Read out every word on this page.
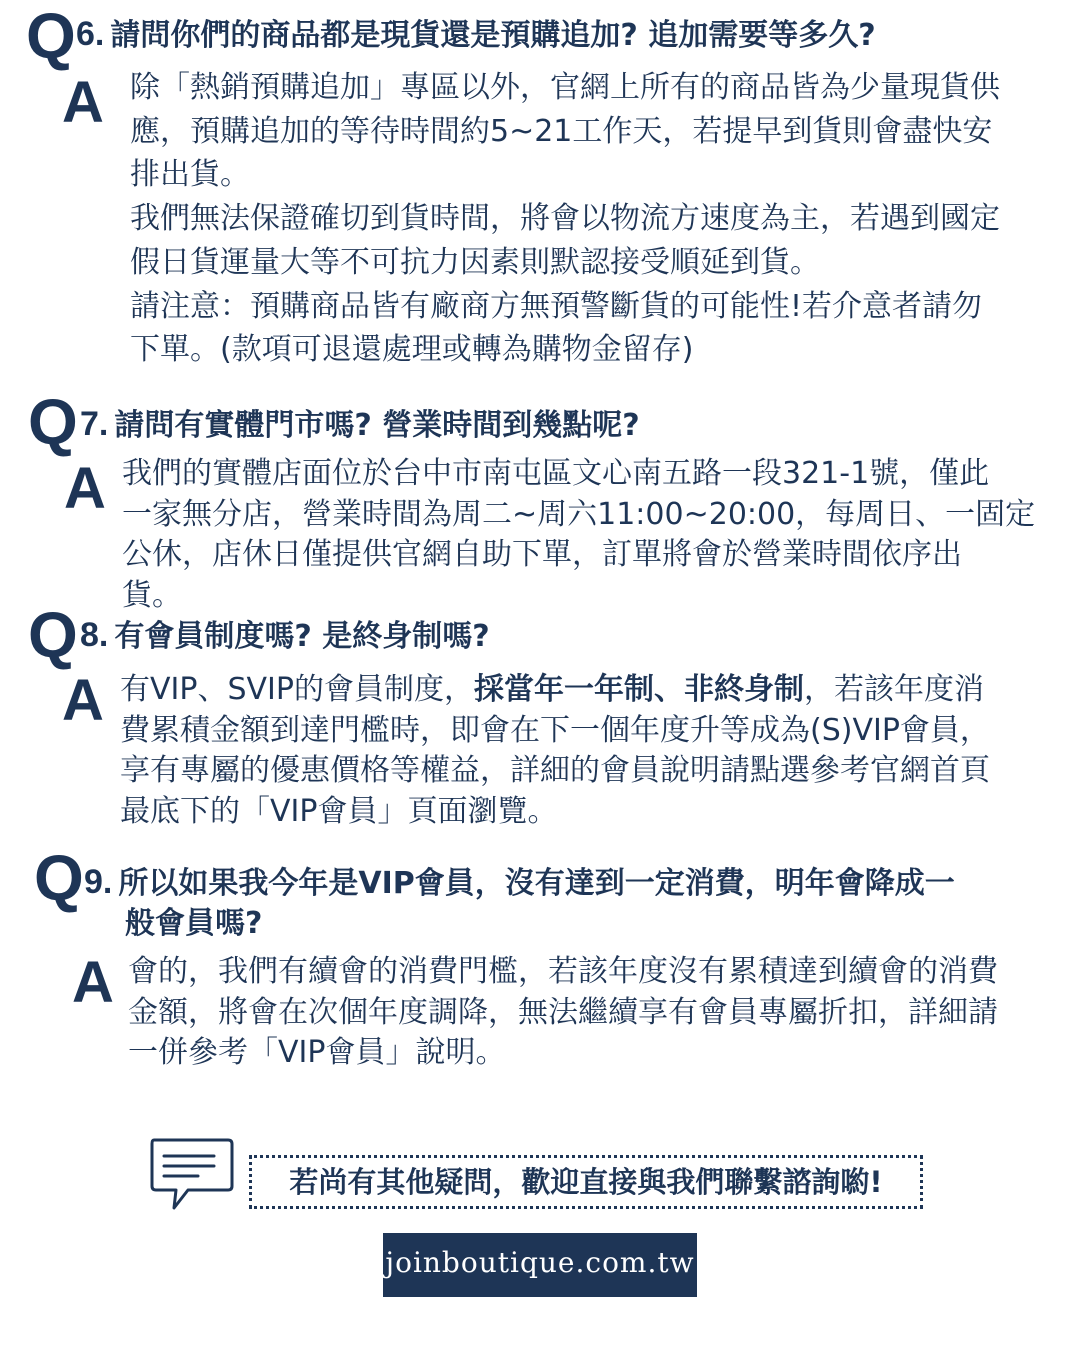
Q 6. 請問你們的商品都是現貨還是預購追加? 追加需要等多久?
A 除「熱銷預購追加」專區以外，官網上所有的商品皆為少量現貨供

應，預購追加的等待時間約5~21工作天，若提早到貨則會盡快安

排出貨。

我們無法保證確切到貨時間，將會以物流方速度為主，若遇到國定

假日貨運量大等不可抗力因素則默認接受順延到貨。

請注意：預購商品皆有廠商方無預警斷貨的可能性!若介意者請勿

下單。(款項可退還處理或轉為購物金留存)

Q 7. 請問有實體門市嗎? 營業時間到幾點呢?
A 我們的實體店面位於台中市南屯區文心南五路一段321-1號，僅此

一家無分店，營業時間為周二~周六11:00~20:00，每周日、一固定

公休，店休日僅提供官網自助下單，訂單將會於營業時間依序出

貨。

Q 8. 有會員制度嗎? 是終身制嗎?
A 有VIP、SVIP的會員制度，採當年一年制、非終身制，若該年度消

費累積金額到達門檻時，即會在下一個年度升等成為(S)VIP會員，

享有專屬的優惠價格等權益，詳細的會員說明請點選參考官網首頁

最底下的「VIP會員」頁面瀏覽。

Q 9. 所以如果我今年是VIP會員，沒有達到一定消費，明年會降成一
般會員嗎?
A 會的，我們有續會的消費門檻，若該年度沒有累積達到續會的消費

金額，將會在次個年度調降，無法繼續享有會員專屬折扣，詳細請

一併參考「VIP會員」說明。

若尚有其他疑問，歡迎直接與我們聯繫諮詢喲!
joinboutique.com.tw
